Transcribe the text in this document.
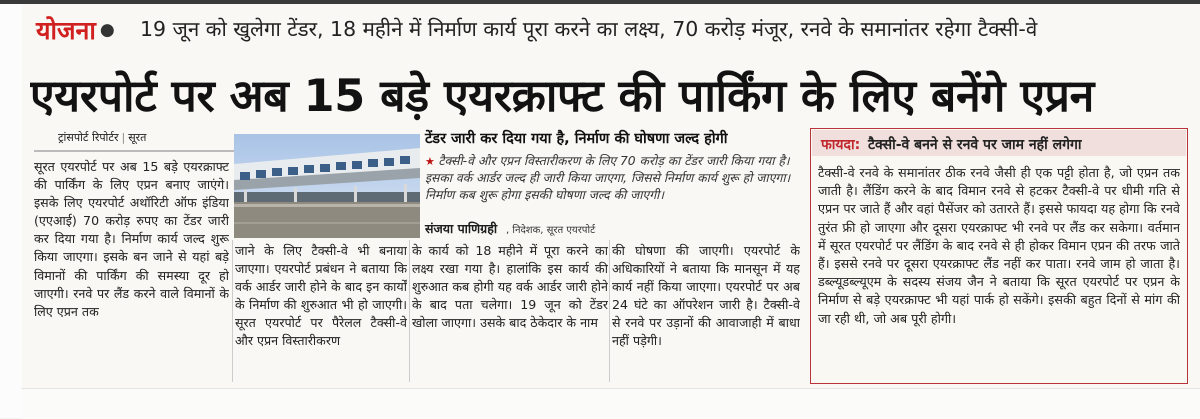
योजना ● 19 जून को खुलेगा टेंडर, 18 महीने में निर्माण कार्य पूरा करने का लक्ष्य, 70 करोड़ मंजूर, रनवे के समानांतर रहेगा टैक्सी-वे
एयरपोर्ट पर अब 15 बड़े एयरक्राफ्ट की पार्किंग के लिए बनेंगे एप्रन
ट्रांसपोर्ट रिपोर्टर | सूरत
सूरत एयरपोर्ट पर अब 15 बड़े एयरक्राफ्ट की पार्किंग के लिए एप्रन बनाए जाएंगे। इसके लिए एयरपोर्ट अथॉरिटी ऑफ इंडिया (एएआई) 70 करोड़ रुपए का टेंडर जारी कर दिया गया है। निर्माण कार्य जल्द शुरू किया जाएगा। इसके बन जाने से यहां बड़े विमानों की पार्किंग की समस्या दूर हो जाएगी। रनवे पर लैंड करने वाले विमानों के लिए एप्रन तक
जाने के लिए टैक्सी-वे भी बनाया जाएगा। एयरपोर्ट प्रबंधन ने बताया कि वर्क आर्डर जारी होने के बाद इन कार्यों के निर्माण की शुरुआत भी हो जाएगी। सूरत एयरपोर्ट पर पैरेलल टैक्सी-वे और एप्रन विस्तारीकरण
के कार्य को 18 महीने में पूरा करने का लक्ष्य रखा गया है। हालांकि इस कार्य की शुरुआत कब होगी यह वर्क आर्डर जारी होने के बाद पता चलेगा। 19 जून को टेंडर खोला जाएगा। उसके बाद ठेकेदार के नाम
की घोषणा की जाएगी। एयरपोर्ट के अधिकारियों ने बताया कि मानसून में यह कार्य नहीं किया जाएगा। एयरपोर्ट पर अब 24 घंटे का ऑपरेशन जारी है। टैक्सी-वे से रनवे पर उड़ानों की आवाजाही में बाधा नहीं पड़ेगी।
टेंडर जारी कर दिया गया है, निर्माण की घोषणा जल्द होगी
★ टैक्सी-वे और एप्रन विस्तारीकरण के लिए 70 करोड़ का टेंडर जारी किया गया है। इसका वर्क आर्डर जल्द ही जारी किया जाएगा, जिससे निर्माण कार्य शुरू हो जाएगा। निर्माण कब शुरू होगा इसकी घोषणा जल्द की जाएगी।
संजया पाणिग्रही , निदेशक, सूरत एयरपोर्ट
फायदा: टैक्सी-वे बनने से रनवे पर जाम नहीं लगेगा
टैक्सी-वे रनवे के समानांतर ठीक रनवे जैसी ही एक पट्टी होता है, जो एप्रन तक जाती है। लैंडिंग करने के बाद विमान रनवे से हटकर टैक्सी-वे पर धीमी गति से एप्रन पर जाते हैं और वहां पैसेंजर को उतारते हैं। इससे फायदा यह होगा कि रनवे तुरंत फ्री हो जाएगा और दूसरा एयरक्राफ्ट भी रनवे पर लैंड कर सकेगा। वर्तमान में सूरत एयरपोर्ट पर लैंडिंग के बाद रनवे से ही होकर विमान एप्रन की तरफ जाते हैं। इससे रनवे पर दूसरा एयरक्राफ्ट लैंड नहीं कर पाता। रनवे जाम हो जाता है। डब्ल्यूडब्ल्यूएम के सदस्य संजय जैन ने बताया कि सूरत एयरपोर्ट पर एप्रन के निर्माण से बड़े एयरक्राफ्ट भी यहां पार्क हो सकेंगे। इसकी बहुत दिनों से मांग की जा रही थी, जो अब पूरी होगी।
